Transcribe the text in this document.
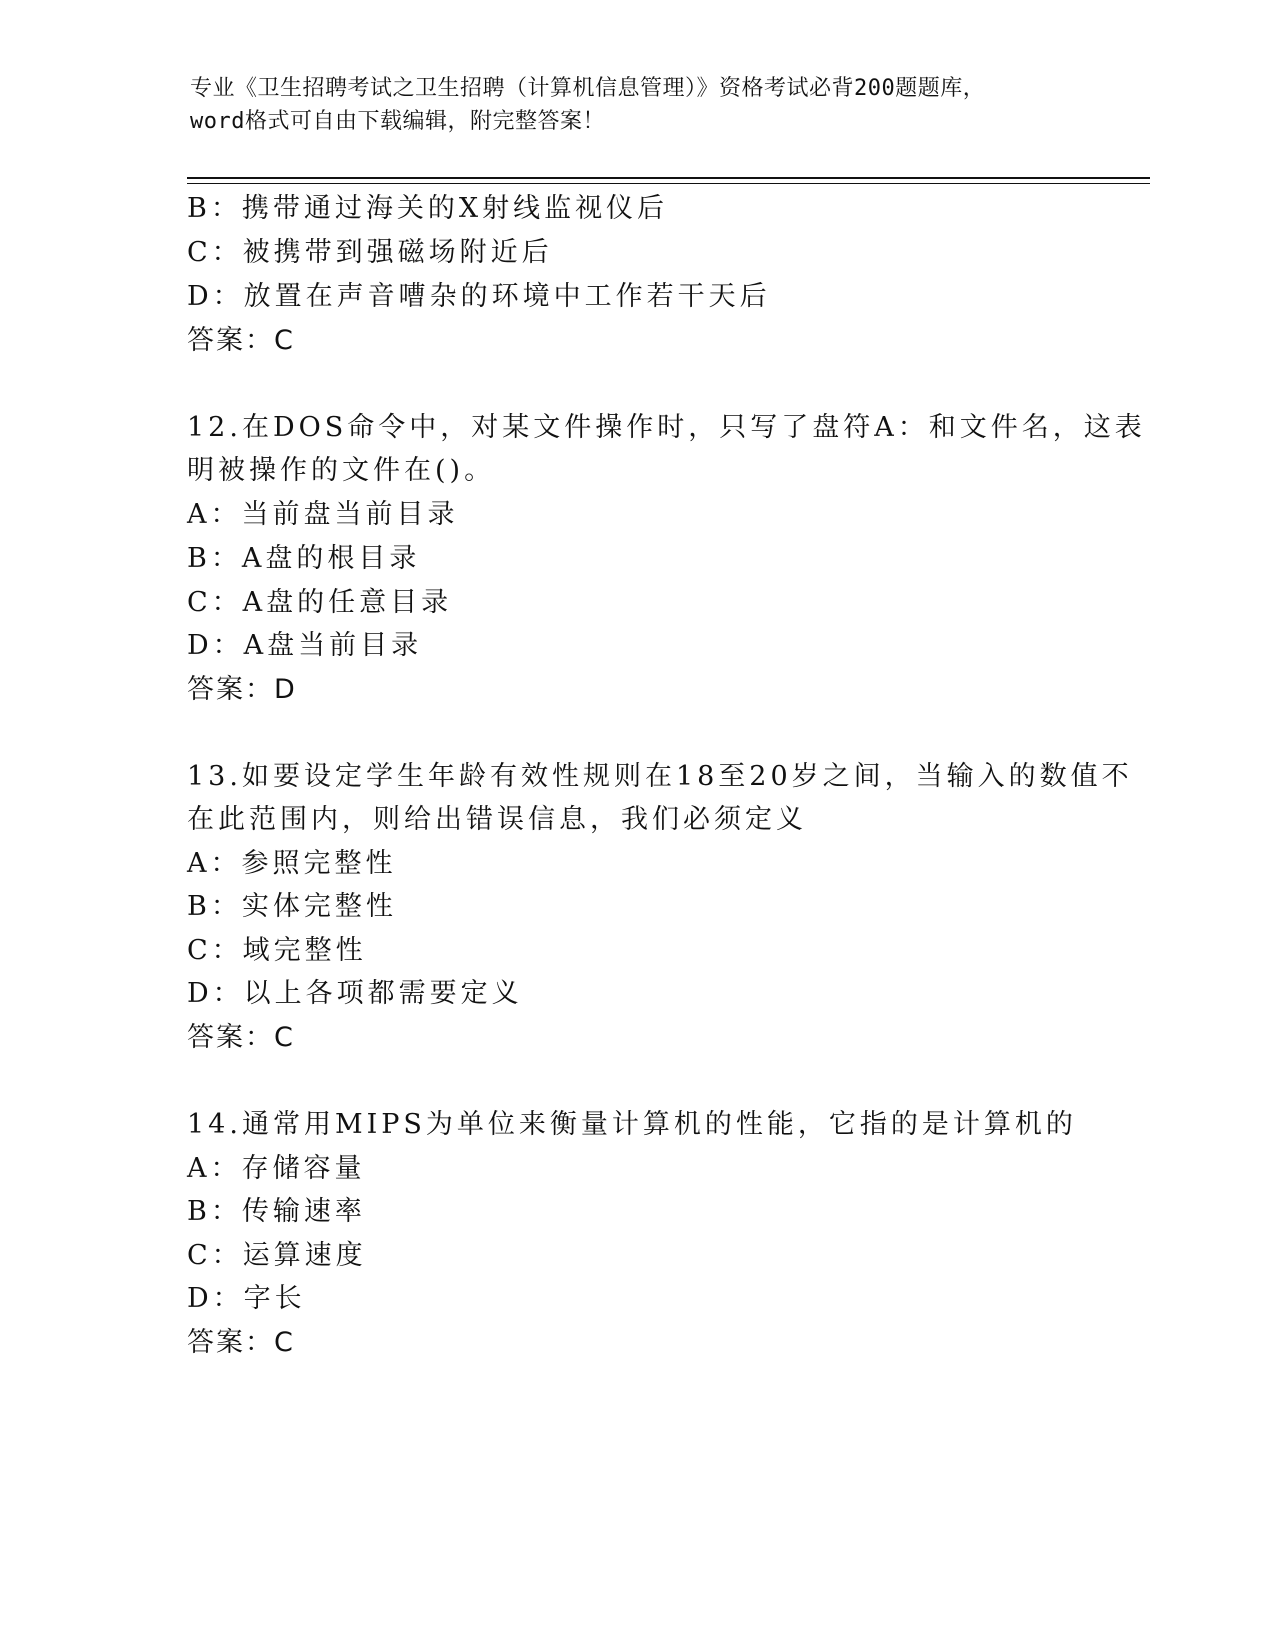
专业《卫生招聘考试之卫生招聘（计算机信息管理）》资格考试必背200题题库，
word格式可自由下载编辑，附完整答案！
B：携带通过海关的X射线监视仪后
C：被携带到强磁场附近后
D：放置在声音嘈杂的环境中工作若干天后
答案：C
12.在DOS命令中，对某文件操作时，只写了盘符A：和文件名，这表
明被操作的文件在()。
A：当前盘当前目录
B：A盘的根目录
C：A盘的任意目录
D：A盘当前目录
答案：D
13.如要设定学生年龄有效性规则在18至20岁之间，当输入的数值不
在此范围内，则给出错误信息，我们必须定义
A：参照完整性
B：实体完整性
C：域完整性
D：以上各项都需要定义
答案：C
14.通常用MIPS为单位来衡量计算机的性能，它指的是计算机的
A：存储容量
B：传输速率
C：运算速度
D：字长
答案：C
